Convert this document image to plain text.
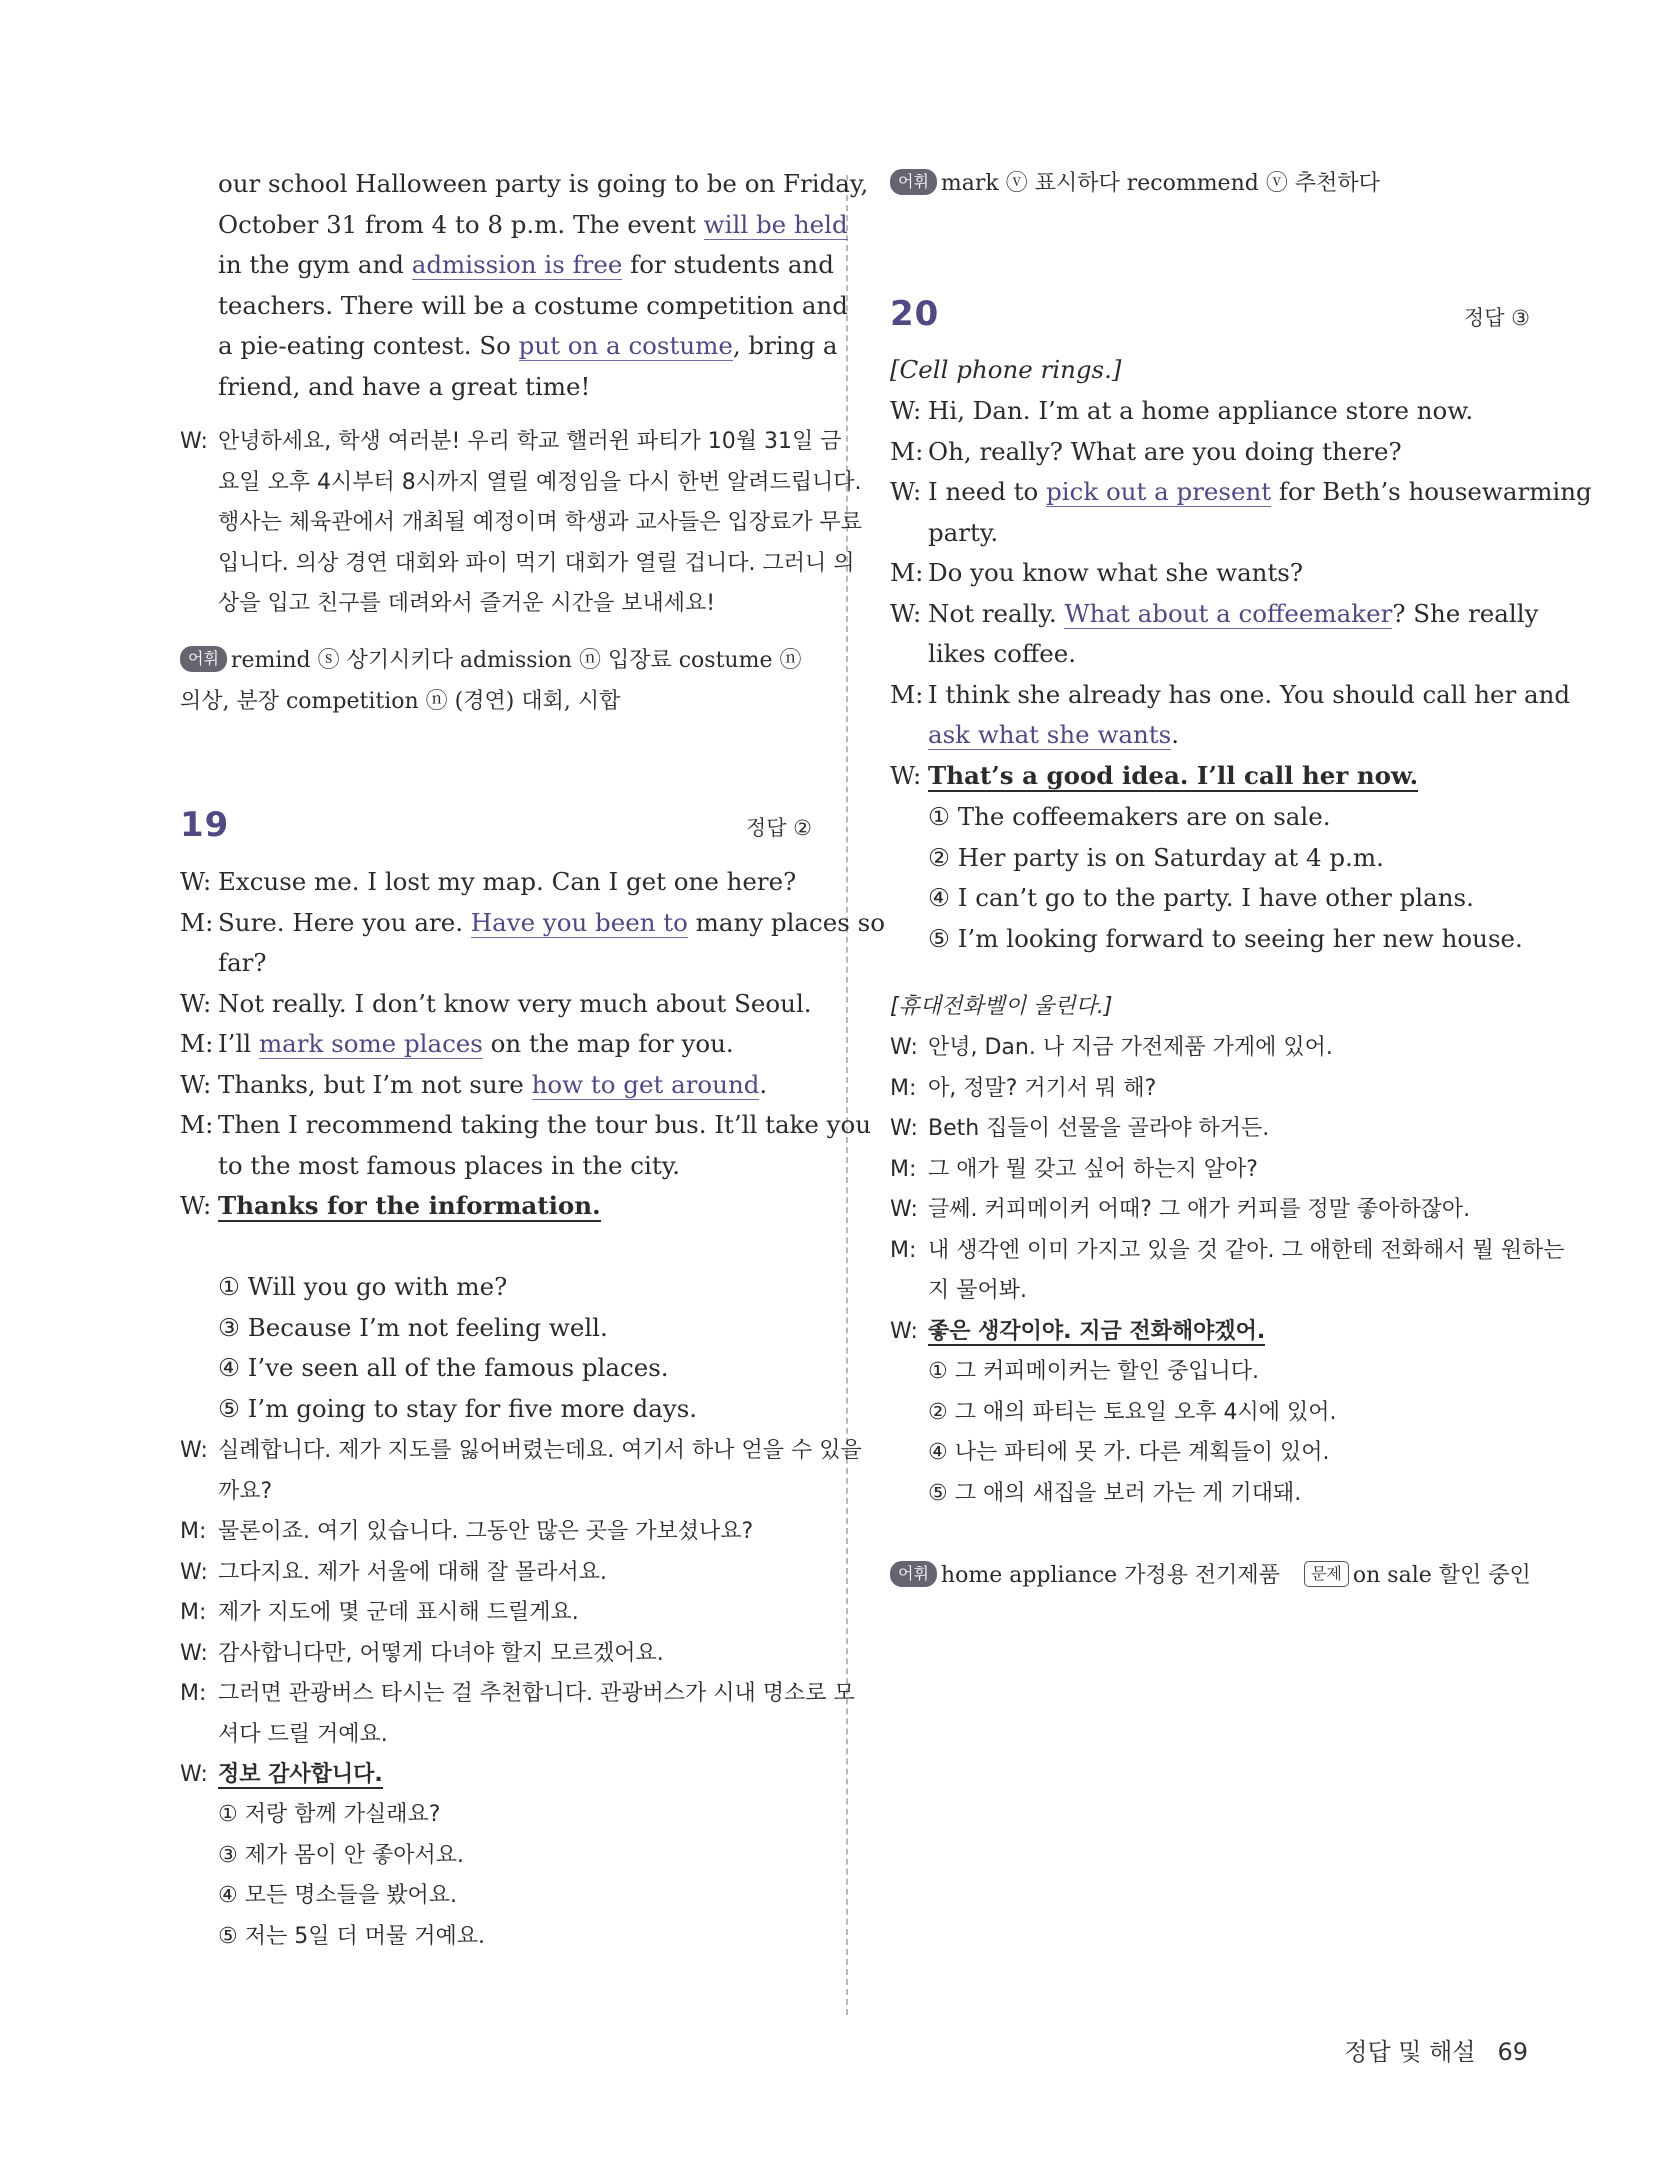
our school Halloween party is going to be on Friday,
October 31 from 4 to 8 p.m. The event will be held
in the gym and admission is free for students and
teachers. There will be a costume competition and
a pie-eating contest. So put on a costume, bring a
friend, and have a great time!
W: 안녕하세요, 학생 여러분! 우리 학교 핼러윈 파티가 10월 31일 금
요일 오후 4시부터 8시까지 열릴 예정임을 다시 한번 알려드립니다.
행사는 체육관에서 개최될 예정이며 학생과 교사들은 입장료가 무료
입니다. 의상 경연 대회와 파이 먹기 대회가 열릴 겁니다. 그러니 의
상을 입고 친구를 데려와서 즐거운 시간을 보내세요!
어휘 remind ⓢ 상기시키다 admission ⓝ 입장료 costume ⓝ
의상, 분장 competition ⓝ (경연) 대회, 시합
19	정답 ②
W: Excuse me. I lost my map. Can I get one here?
M: Sure. Here you are. Have you been to many places so
far?
W: Not really. I don’t know very much about Seoul.
M: I’ll mark some places on the map for you.
W: Thanks, but I’m not sure how to get around.
M: Then I recommend taking the tour bus. It’ll take you
to the most famous places in the city.
W: Thanks for the information.
① Will you go with me?
③ Because I’m not feeling well.
④ I’ve seen all of the famous places.
⑤ I’m going to stay for five more days.
W: 실례합니다. 제가 지도를 잃어버렸는데요. 여기서 하나 얻을 수 있을
까요?
M: 물론이죠. 여기 있습니다. 그동안 많은 곳을 가보셨나요?
W: 그다지요. 제가 서울에 대해 잘 몰라서요.
M: 제가 지도에 몇 군데 표시해 드릴게요.
W: 감사합니다만, 어떻게 다녀야 할지 모르겠어요.
M: 그러면 관광버스 타시는 걸 추천합니다. 관광버스가 시내 명소로 모
셔다 드릴 거예요.
W: 정보 감사합니다.
① 저랑 함께 가실래요?
③ 제가 몸이 안 좋아서요.
④ 모든 명소들을 봤어요.
⑤ 저는 5일 더 머물 거예요.
어휘 mark ⓥ 표시하다 recommend ⓥ 추천하다
20	정답 ③
[Cell phone rings.]
W: Hi, Dan. I’m at a home appliance store now.
M: Oh, really? What are you doing there?
W: I need to pick out a present for Beth’s housewarming
party.
M: Do you know what she wants?
W: Not really. What about a coffeemaker? She really
likes coffee.
M: I think she already has one. You should call her and
ask what she wants.
W: That’s a good idea. I’ll call her now.
① The coffeemakers are on sale.
② Her party is on Saturday at 4 p.m.
④ I can’t go to the party. I have other plans.
⑤ I’m looking forward to seeing her new house.
[휴대전화벨이 울린다.]
W: 안녕, Dan. 나 지금 가전제품 가게에 있어.
M: 아, 정말? 거기서 뭐 해?
W: Beth 집들이 선물을 골라야 하거든.
M: 그 애가 뭘 갖고 싶어 하는지 알아?
W: 글쎄. 커피메이커 어때? 그 애가 커피를 정말 좋아하잖아.
M: 내 생각엔 이미 가지고 있을 것 같아. 그 애한테 전화해서 뭘 원하는
지 물어봐.
W: 좋은 생각이야. 지금 전화해야겠어.
① 그 커피메이커는 할인 중입니다.
② 그 애의 파티는 토요일 오후 4시에 있어.
④ 나는 파티에 못 가. 다른 계획들이 있어.
⑤ 그 애의 새집을 보러 가는 게 기대돼.
어휘 home appliance 가정용 전기제품 문제 on sale 할인 중인
정답 및 해설 69
